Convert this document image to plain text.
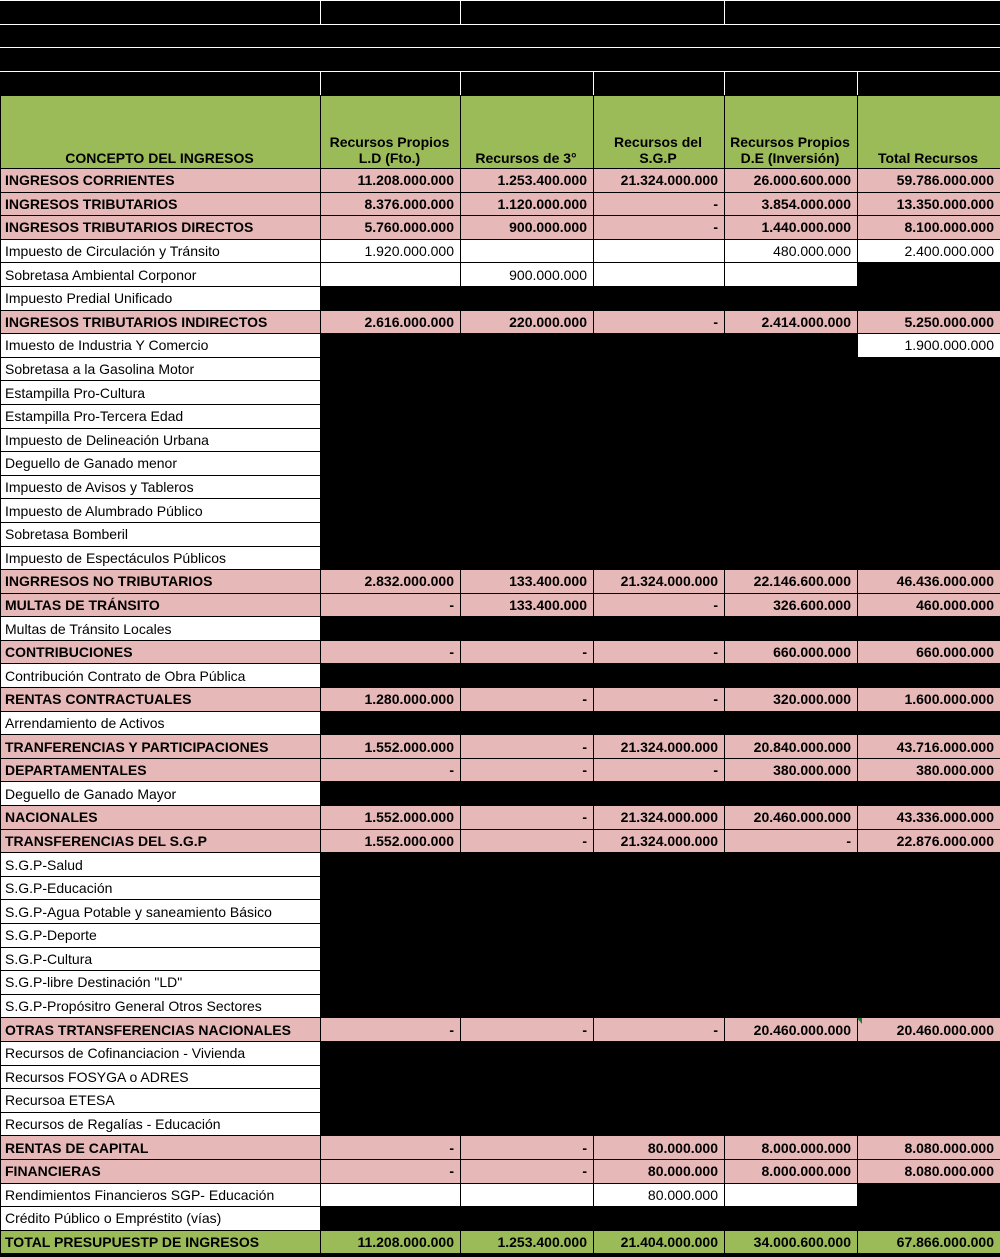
CONCEPTO DEL INGRESOS	Recursos Propios L.D (Fto.)	Recursos de 3°	Recursos del S.G.P	Recursos Propios D.E (Inversión)	Total Recursos
INGRESOS CORRIENTES	11.208.000.000	1.253.400.000	21.324.000.000	26.000.600.000	59.786.000.000
INGRESOS TRIBUTARIOS	8.376.000.000	1.120.000.000	-	3.854.000.000	13.350.000.000
INGRESOS TRIBUTARIOS DIRECTOS	5.760.000.000	900.000.000	-	1.440.000.000	8.100.000.000
Impuesto de Circulación y Tránsito	1.920.000.000			480.000.000	2.400.000.000
Sobretasa Ambiental Corponor		900.000.000			
Impuesto Predial Unificado					
INGRESOS TRIBUTARIOS INDIRECTOS	2.616.000.000	220.000.000	-	2.414.000.000	5.250.000.000
Imuesto de Industria Y Comercio					1.900.000.000
Sobretasa a la Gasolina Motor					
Estampilla Pro-Cultura					
Estampilla Pro-Tercera Edad					
Impuesto de Delineación Urbana					
Deguello de Ganado menor					
Impuesto de Avisos y Tableros					
Impuesto de Alumbrado Público					
Sobretasa Bomberil					
Impuesto de Espectáculos Públicos					
INGRRESOS NO TRIBUTARIOS	2.832.000.000	133.400.000	21.324.000.000	22.146.600.000	46.436.000.000
MULTAS DE TRÁNSITO	-	133.400.000	-	326.600.000	460.000.000
Multas de Tránsito Locales					
CONTRIBUCIONES	-	-	-	660.000.000	660.000.000
Contribución Contrato de Obra Pública					
RENTAS CONTRACTUALES	1.280.000.000	-	-	320.000.000	1.600.000.000
Arrendamiento de Activos					
TRANFERENCIAS Y PARTICIPACIONES	1.552.000.000	-	21.324.000.000	20.840.000.000	43.716.000.000
DEPARTAMENTALES	-	-	-	380.000.000	380.000.000
Deguello de Ganado Mayor					
NACIONALES	1.552.000.000	-	21.324.000.000	20.460.000.000	43.336.000.000
TRANSFERENCIAS DEL S.G.P	1.552.000.000	-	21.324.000.000	-	22.876.000.000
S.G.P-Salud					
S.G.P-Educación					
S.G.P-Agua Potable y saneamiento Básico					
S.G.P-Deporte					
S.G.P-Cultura					
S.G.P-libre Destinación "LD"					
S.G.P-Propósitro General Otros Sectores					
OTRAS TRTANSFERENCIAS NACIONALES	-	-	-	20.460.000.000	20.460.000.000
Recursos de Cofinanciacion - Vivienda					
Recursos FOSYGA o ADRES					
Recursoa ETESA					
Recursos de Regalías - Educación					
RENTAS DE CAPITAL	-	-	80.000.000	8.000.000.000	8.080.000.000
FINANCIERAS	-	-	80.000.000	8.000.000.000	8.080.000.000
Rendimientos Financieros SGP- Educación			80.000.000		
Crédito Público o Empréstito (vías)					
TOTAL PRESUPUESTP DE INGRESOS	11.208.000.000	1.253.400.000	21.404.000.000	34.000.600.000	67.866.000.000
